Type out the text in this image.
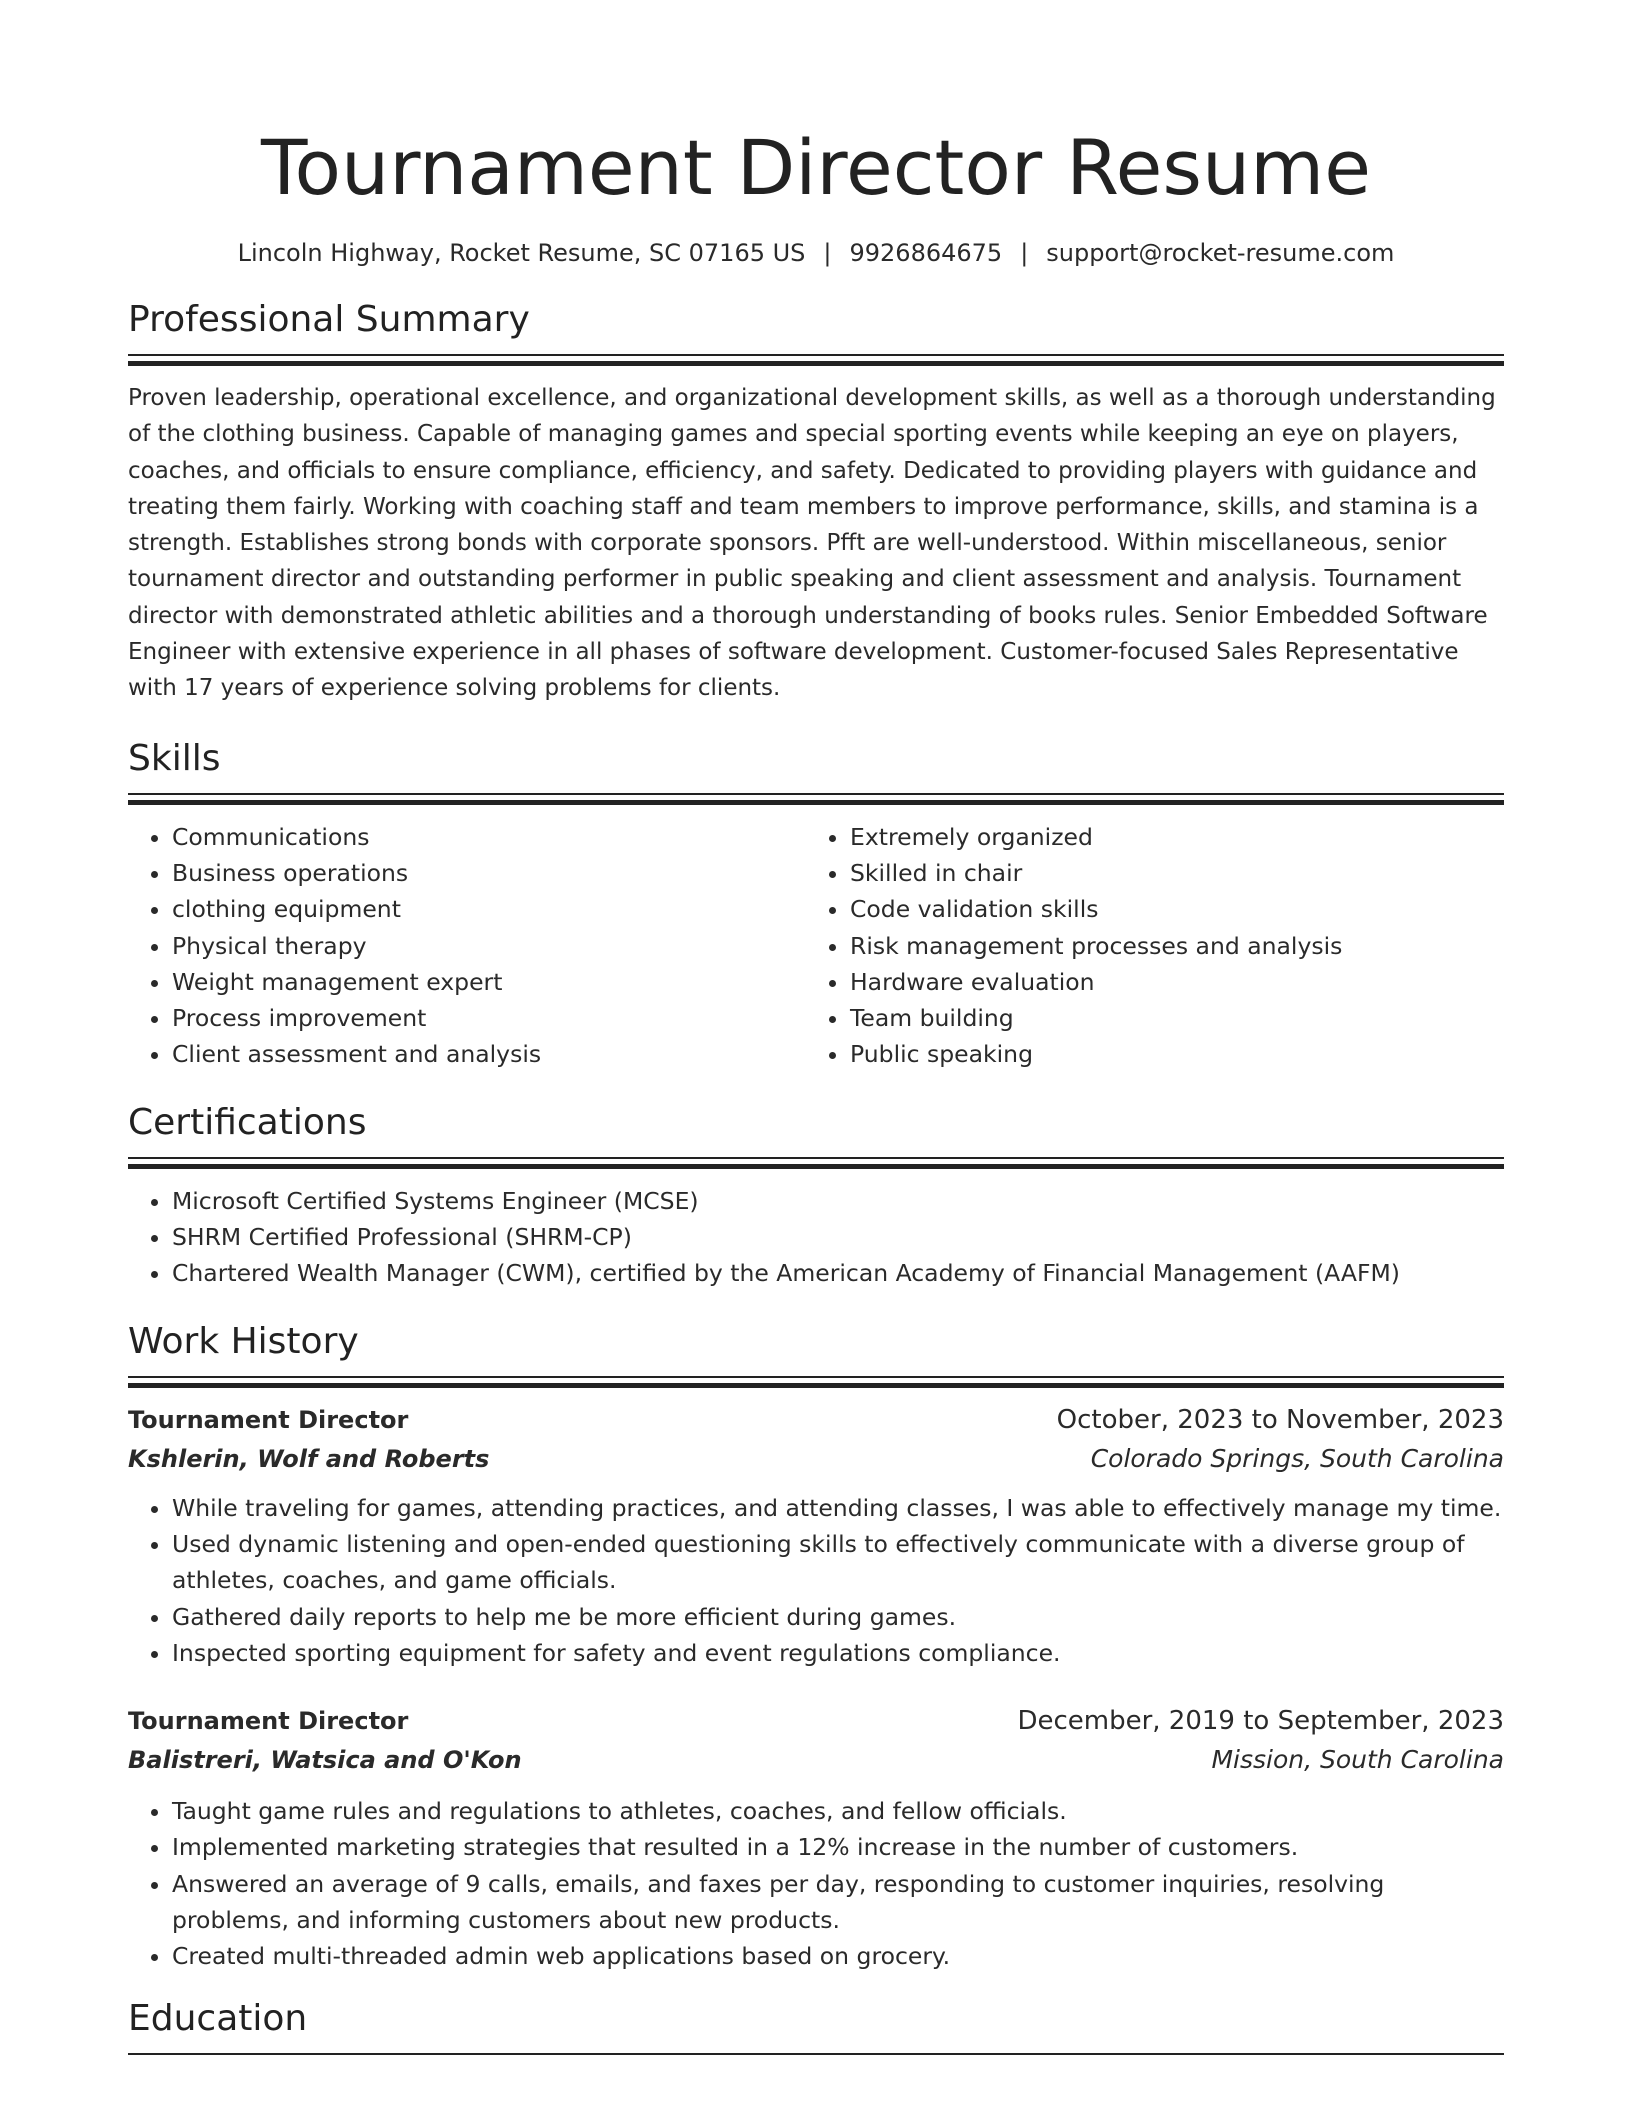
Tournament Director Resume
Lincoln Highway, Rocket Resume, SC 07165 US | 9926864675 | support@rocket-resume.com
Professional Summary

Proven leadership, operational excellence, and organizational development skills, as well as a thorough understanding of the clothing business. Capable of managing games and special sporting events while keeping an eye on players, coaches, and officials to ensure compliance, efficiency, and safety. Dedicated to providing players with guidance and treating them fairly. Working with coaching staff and team members to improve performance, skills, and stamina is a strength. Establishes strong bonds with corporate sponsors. Pfft are well-understood. Within miscellaneous, senior tournament director and outstanding performer in public speaking and client assessment and analysis. Tournament director with demonstrated athletic abilities and a thorough understanding of books rules. Senior Embedded Software Engineer with extensive experience in all phases of software development. Customer-focused Sales Representative with 17 years of experience solving problems for clients.

Skills
• Communications
• Business operations
• clothing equipment
• Physical therapy
• Weight management expert
• Process improvement
• Client assessment and analysis
• Extremely organized
• Skilled in chair
• Code validation skills
• Risk management processes and analysis
• Hardware evaluation
• Team building
• Public speaking
Certifications
• Microsoft Certified Systems Engineer (MCSE)
• SHRM Certified Professional (SHRM-CP)
• Chartered Wealth Manager (CWM), certified by the American Academy of Financial Management (AAFM)
Work History
Tournament Director	October, 2023 to November, 2023
Kshlerin, Wolf and Roberts	Colorado Springs, South Carolina
• While traveling for games, attending practices, and attending classes, I was able to effectively manage my time.
• Used dynamic listening and open-ended questioning skills to effectively communicate with a diverse group of athletes, coaches, and game officials.
• Gathered daily reports to help me be more efficient during games.
• Inspected sporting equipment for safety and event regulations compliance.
Tournament Director	December, 2019 to September, 2023
Balistreri, Watsica and O'Kon	Mission, South Carolina
• Taught game rules and regulations to athletes, coaches, and fellow officials.
• Implemented marketing strategies that resulted in a 12% increase in the number of customers.
• Answered an average of 9 calls, emails, and faxes per day, responding to customer inquiries, resolving problems, and informing customers about new products.
• Created multi-threaded admin web applications based on grocery.
Education
